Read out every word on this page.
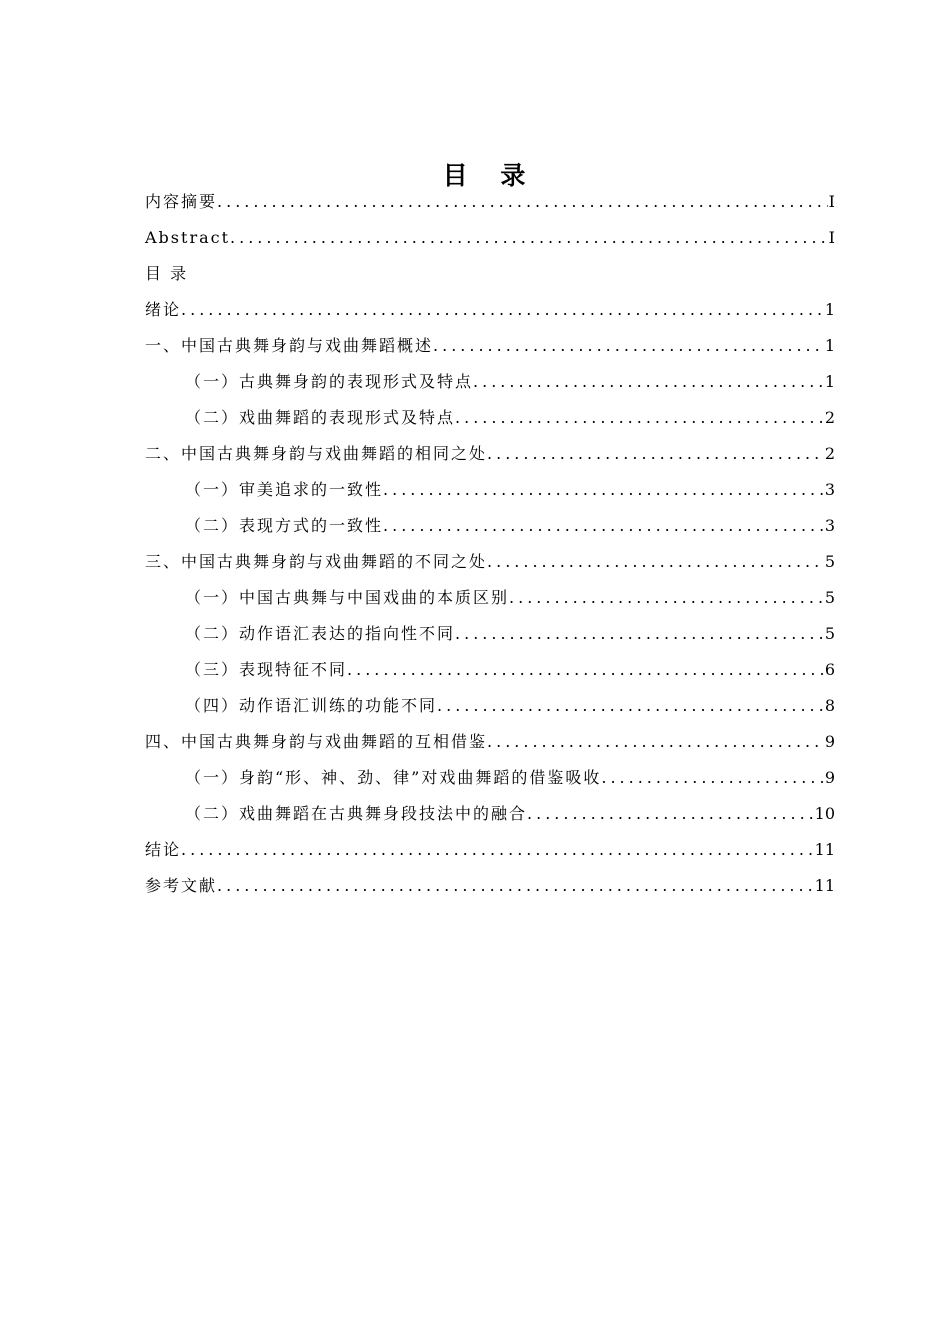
目 录
内容摘要 .....	I
Abstract .....	I
目 录
绪论 .....	1
一、中国古典舞身韵与戏曲舞蹈概述 .....	1
（一）古典舞身韵的表现形式及特点 .....	1
（二）戏曲舞蹈的表现形式及特点 .....	2
二、中国古典舞身韵与戏曲舞蹈的相同之处 .....	2
（一）审美追求的一致性 .....	3
（二）表现方式的一致性 .....	3
三、中国古典舞身韵与戏曲舞蹈的不同之处 .....	5
（一）中国古典舞与中国戏曲的本质区别 .....	5
（二）动作语汇表达的指向性不同 .....	5
（三）表现特征不同 .....	6
（四）动作语汇训练的功能不同 .....	8
四、中国古典舞身韵与戏曲舞蹈的互相借鉴 .....	9
（一）身韵“形、神、劲、律”对戏曲舞蹈的借鉴吸收 .....	9
（二）戏曲舞蹈在古典舞身段技法中的融合 .....	10
结论 .....	11
参考文献 .....	11
